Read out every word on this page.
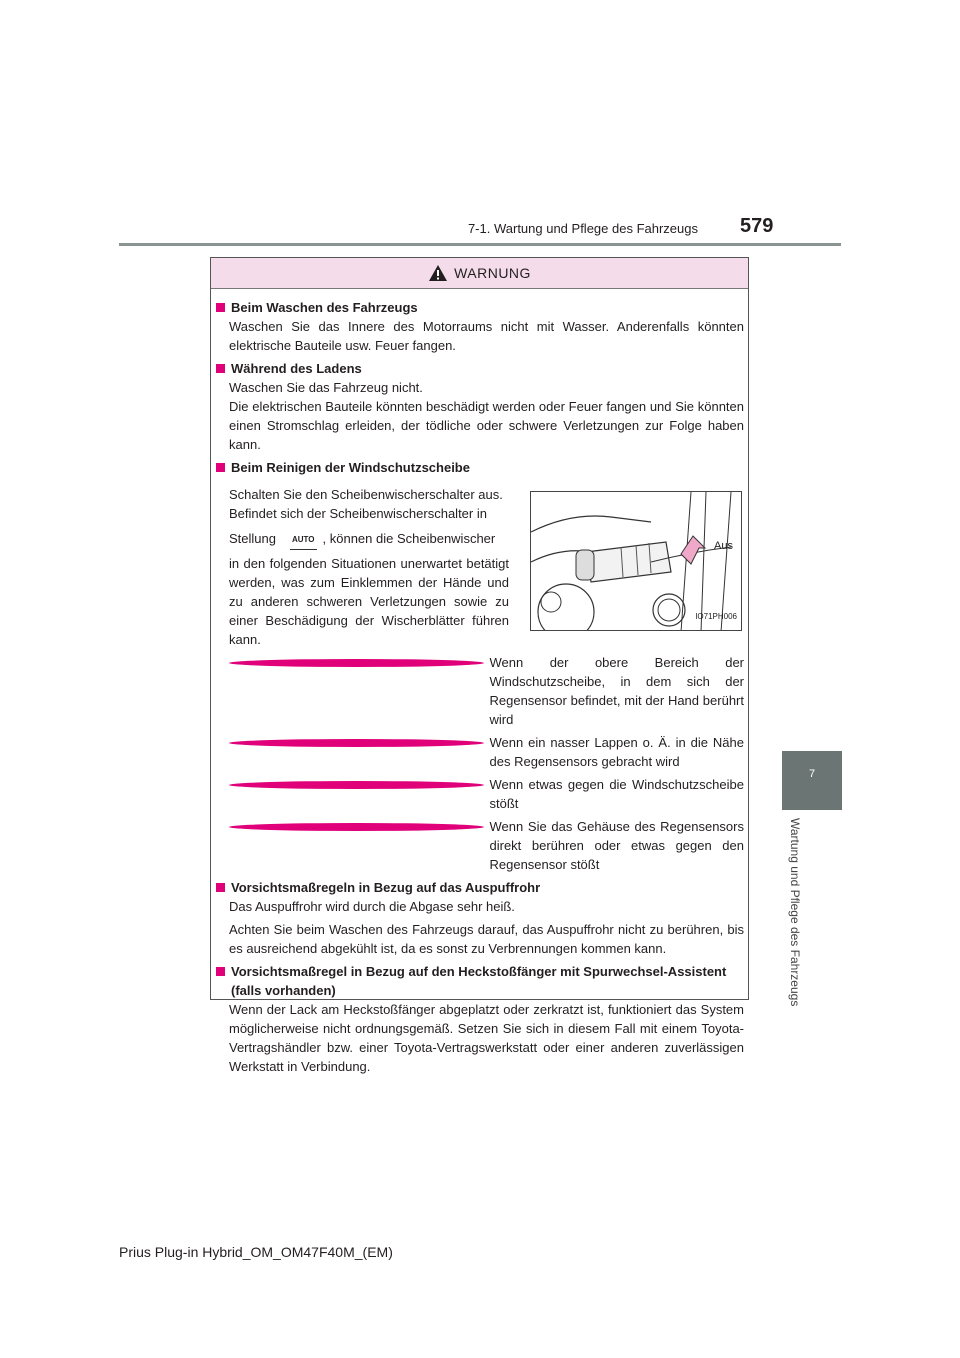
7-1. Wartung und Pflege des Fahrzeugs 579
7
Wartung und Pflege des Fahrzeugs
WARNUNG
Beim Waschen des Fahrzeugs
Waschen Sie das Innere des Motorraums nicht mit Wasser. Anderenfalls könnten elektrische Bauteile usw. Feuer fangen.
Während des Ladens
Waschen Sie das Fahrzeug nicht.
Die elektrischen Bauteile könnten beschädigt werden oder Feuer fangen und Sie könnten einen Stromschlag erleiden, der tödliche oder schwere Verletzungen zur Folge haben kann.
Beim Reinigen der Windschutzscheibe
Schalten Sie den Scheibenwischerschalter aus.
Befindet sich der Scheibenwischerschalter in
Stellung AUTO , können die Scheibenwischer
in den folgenden Situationen unerwartet betätigt werden, was zum Einklemmen der Hände und zu anderen schweren Verletzungen sowie zu einer Beschädigung der Wischerblätter führen kann.
Aus
IO71PH006
Wenn der obere Bereich der Windschutzscheibe, in dem sich der Regensensor befindet, mit der Hand berührt wird
Wenn ein nasser Lappen o. Ä. in die Nähe des Regensensors gebracht wird
Wenn etwas gegen die Windschutzscheibe stößt
Wenn Sie das Gehäuse des Regensensors direkt berühren oder etwas gegen den Regensensor stößt
Vorsichtsmaßregeln in Bezug auf das Auspuffrohr
Das Auspuffrohr wird durch die Abgase sehr heiß.
Achten Sie beim Waschen des Fahrzeugs darauf, das Auspuffrohr nicht zu berühren, bis es ausreichend abgekühlt ist, da es sonst zu Verbrennungen kommen kann.
Vorsichtsmaßregel in Bezug auf den Heckstoßfänger mit Spurwechsel-Assistent (falls vorhanden)
Wenn der Lack am Heckstoßfänger abgeplatzt oder zerkratzt ist, funktioniert das System möglicherweise nicht ordnungsgemäß. Setzen Sie sich in diesem Fall mit einem Toyota-Vertragshändler bzw. einer Toyota-Vertragswerkstatt oder einer anderen zuverlässigen Werkstatt in Verbindung.
Prius Plug-in Hybrid_OM_OM47F40M_(EM)
